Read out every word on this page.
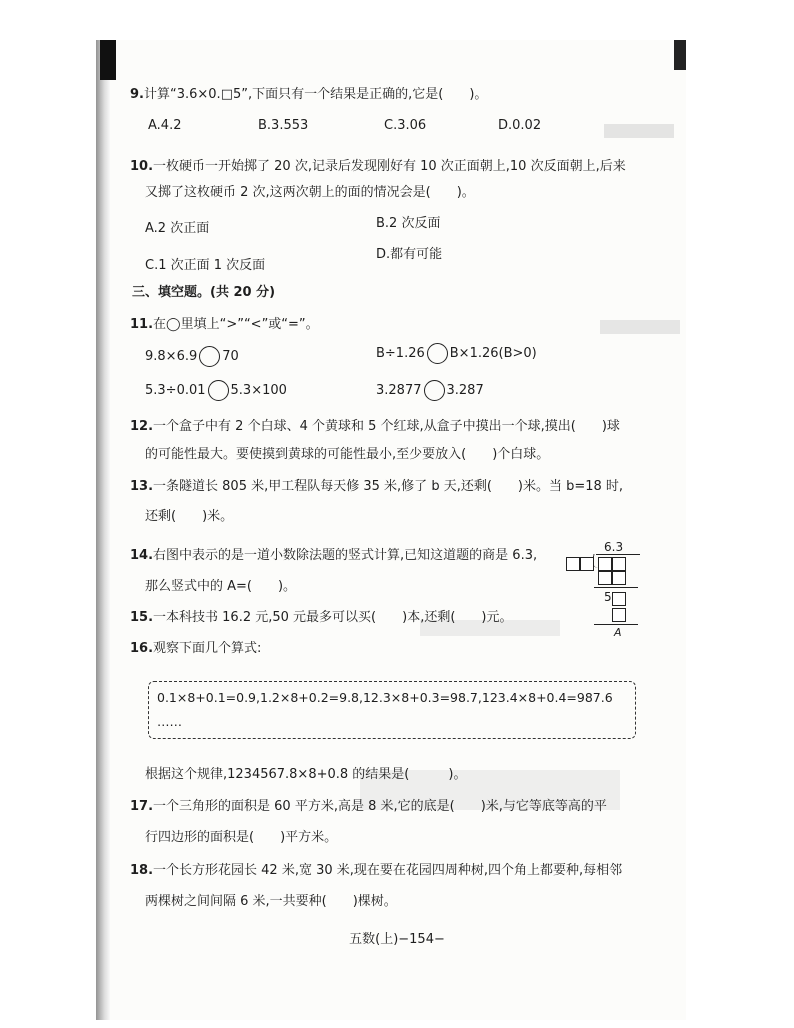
9.计算“3.6×0.□5”,下面只有一个结果是正确的,它是(　　)。
A.4.2	B.3.553	C.3.06	D.0.02
10.一枚硬币一开始掷了 20 次,记录后发现刚好有 10 次正面朝上,10 次反面朝上,后来
又掷了这枚硬币 2 次,这两次朝上的面的情况会是(　　)。
A.2 次正面	B.2 次反面
C.1 次正面 1 次反面
D.都有可能
三、填空题。(共 20 分)
11.在◯里填上“>”“<”或“=”。
9.8×6.9 70	B÷1.26 B×1.26(B>0)
5.3÷0.01 5.3×100	3.2877 3.287
12.一个盒子中有 2 个白球、4 个黄球和 5 个红球,从盒子中摸出一个球,摸出(　　)球
的可能性最大。要使摸到黄球的可能性最小,至少要放入(　　)个白球。
13.一条隧道长 805 米,甲工程队每天修 35 米,修了 b 天,还剩(　　)米。当 b=18 时,
还剩(　　)米。
14.右图中表示的是一道小数除法题的竖式计算,已知这道题的商是 6.3,
那么竖式中的 A=(　　)。
6.3
5
A
15.一本科技书 16.2 元,50 元最多可以买(　　)本,还剩(　　)元。
16.观察下面几个算式:
0.1×8+0.1=0.9,1.2×8+0.2=9.8,12.3×8+0.3=98.7,123.4×8+0.4=987.6
……
根据这个规律,1234567.8×8+0.8 的结果是(　　　)。
17.一个三角形的面积是 60 平方米,高是 8 米,它的底是(　　)米,与它等底等高的平
行四边形的面积是(　　)平方米。
18.一个长方形花园长 42 米,宽 30 米,现在要在花园四周种树,四个角上都要种,每相邻
两棵树之间间隔 6 米,一共要种(　　)棵树。
五数(上)−154−
